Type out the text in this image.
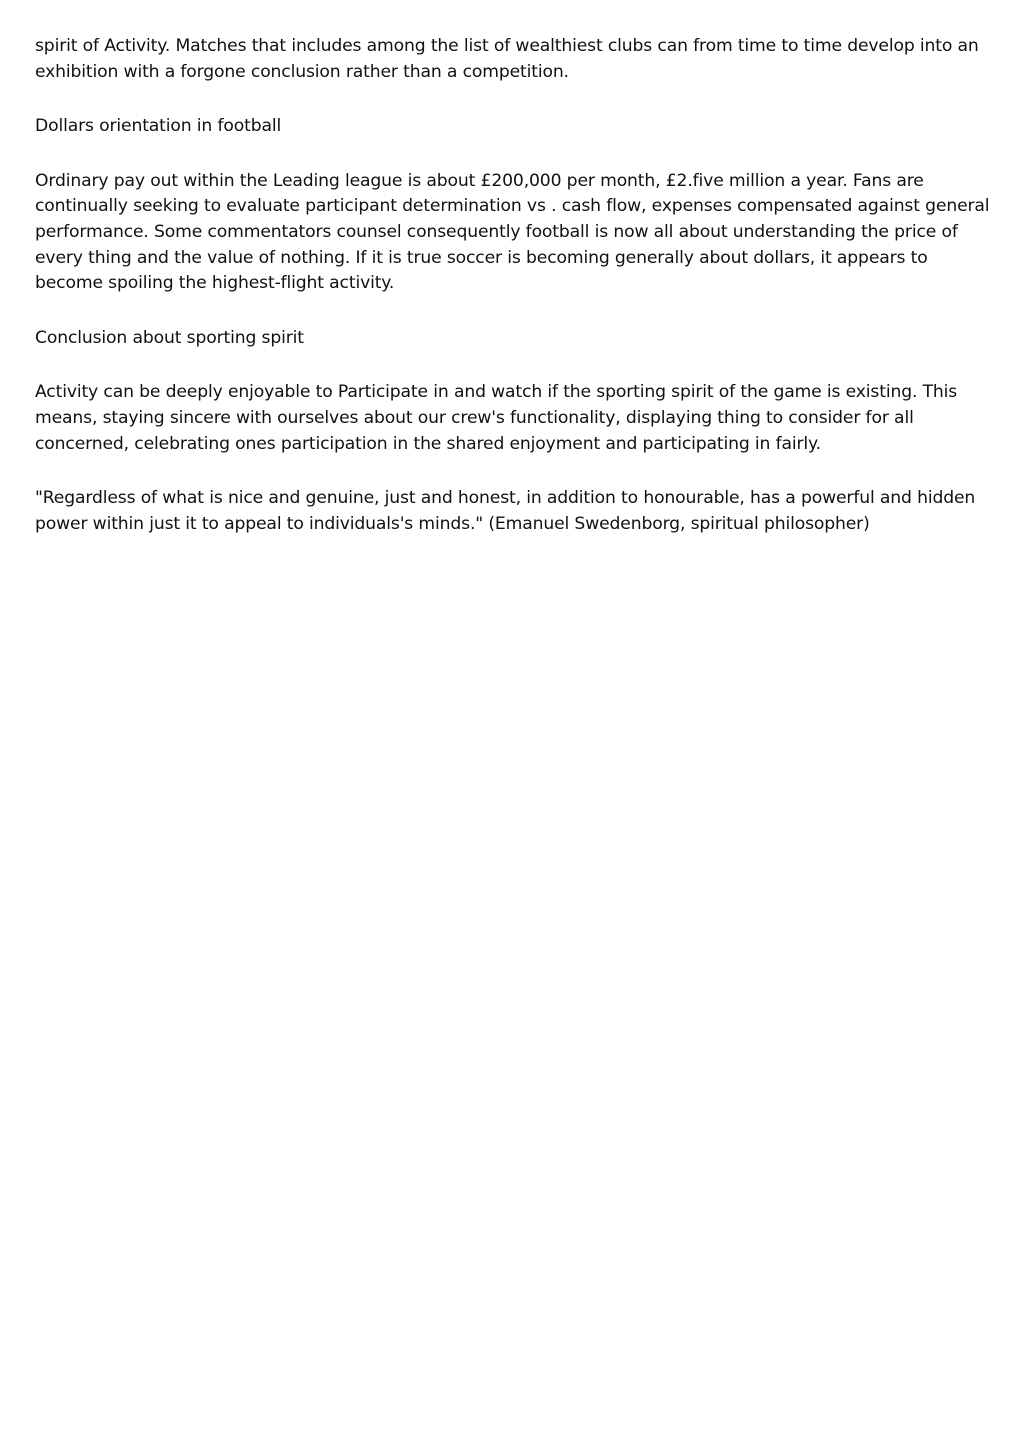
spirit of Activity. Matches that includes among the list of wealthiest clubs can from time to time develop into an exhibition with a forgone conclusion rather than a competition.

Dollars orientation in football

Ordinary pay out within the Leading league is about £200,000 per month, £2.five million a year. Fans are continually seeking to evaluate participant determination vs . cash flow, expenses compensated against general performance. Some commentators counsel consequently football is now all about understanding the price of every thing and the value of nothing. If it is true soccer is becoming generally about dollars, it appears to become spoiling the highest-flight activity.

Conclusion about sporting spirit

Activity can be deeply enjoyable to Participate in and watch if the sporting spirit of the game is existing. This means, staying sincere with ourselves about our crew's functionality, displaying thing to consider for all concerned, celebrating ones participation in the shared enjoyment and participating in fairly.

"Regardless of what is nice and genuine, just and honest, in addition to honourable, has a powerful and hidden power within just it to appeal to individuals's minds." (Emanuel Swedenborg, spiritual philosopher)
